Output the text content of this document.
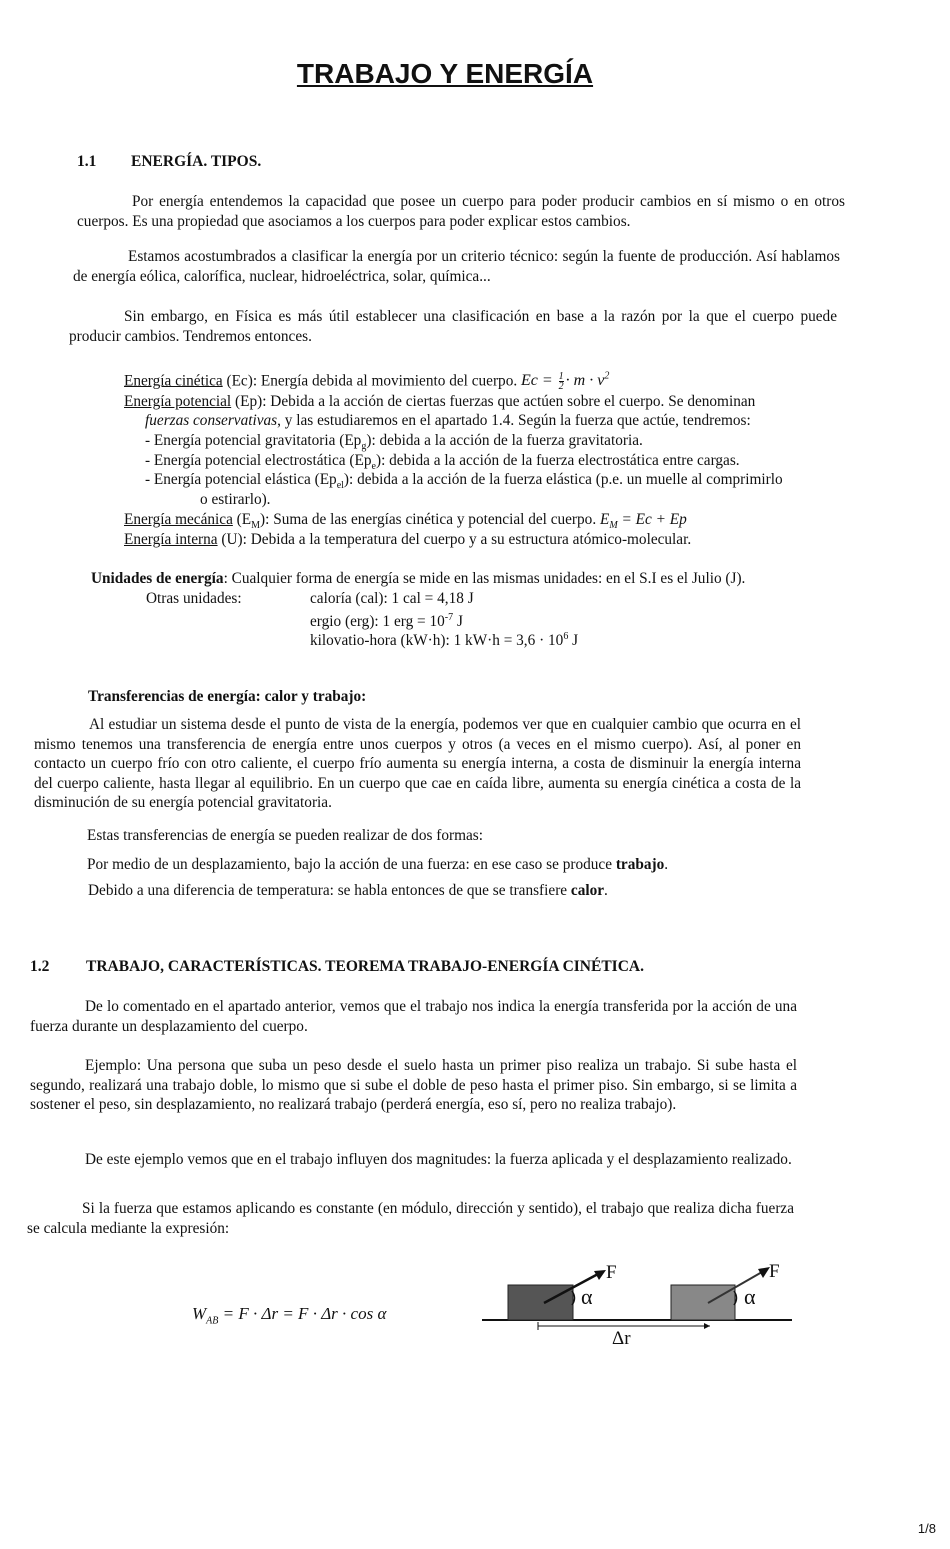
TRABAJO Y ENERGÍA
1.1 ENERGÍA. TIPOS.
Por energía entendemos la capacidad que posee un cuerpo para poder producir cambios en sí mismo o en otros cuerpos. Es una propiedad que asociamos a los cuerpos para poder explicar estos cambios.
Estamos acostumbrados a clasificar la energía por un criterio técnico: según la fuente de producción. Así hablamos de energía eólica, calorífica, nuclear, hidroeléctrica, solar, química...
Sin embargo, en Física es más útil establecer una clasificación en base a la razón por la que el cuerpo puede producir cambios. Tendremos entonces.
Energía cinética (Ec): Energía debida al movimiento del cuerpo. $Ec = \frac{1}{2} \cdot m \cdot v^2$
Energía potencial (Ep): Debida a la acción de ciertas fuerzas que actúen sobre el cuerpo. Se denominan
fuerzas conservativas, y las estudiaremos en el apartado 1.4. Según la fuerza que actúe, tendremos:
- Energía potencial gravitatoria $(Ep_g)$: debida a la acción de la fuerza gravitatoria.
- Energía potencial electrostática $(Ep_e)$: debida a la acción de la fuerza electrostática entre cargas.
- Energía potencial elástica $(Ep_{el})$: debida a la acción de la fuerza elástica (p.e. un muelle al comprimirlo
o estirarlo).
Energía mecánica $(E_M)$: Suma de las energías cinética y potencial del cuerpo. $E_M = Ec + Ep$
Energía interna (U): Debida a la temperatura del cuerpo y a su estructura atómico-molecular.
Unidades de energía: Cualquier forma de energía se mide en las mismas unidades: en el S.I es el Julio (J).
Otras unidades:	caloría (cal): 1 cal = 4,18 J
ergio (erg): 1 erg = $10^{-7}$ J
kilovatio-hora (kW·h): 1 $kW\cdot h = 3,6 \cdot 10^6$ J
Transferencias de energía: calor y trabajo:
Al estudiar un sistema desde el punto de vista de la energía, podemos ver que en cualquier cambio que ocurra en el mismo tenemos una transferencia de energía entre unos cuerpos y otros (a veces en el mismo cuerpo). Así, al poner en contacto un cuerpo frío con otro caliente, el cuerpo frío aumenta su energía interna, a costa de disminuir la energía interna del cuerpo caliente, hasta llegar al equilibrio. En un cuerpo que cae en caída libre, aumenta su energía cinética a costa de la disminución de su energía potencial gravitatoria.
Estas transferencias de energía se pueden realizar de dos formas:
Por medio de un desplazamiento, bajo la acción de una fuerza: en ese caso se produce trabajo.
Debido a una diferencia de temperatura: se habla entonces de que se transfiere calor.
1.2 TRABAJO, CARACTERÍSTICAS. TEOREMA TRABAJO-ENERGÍA CINÉTICA.
De lo comentado en el apartado anterior, vemos que el trabajo nos indica la energía transferida por la acción de una fuerza durante un desplazamiento del cuerpo.
Ejemplo: Una persona que suba un peso desde el suelo hasta un primer piso realiza un trabajo. Si sube hasta el segundo, realizará una trabajo doble, lo mismo que si sube el doble de peso hasta el primer piso. Sin embargo, si se limita a sostener el peso, sin desplazamiento, no realizará trabajo (perderá energía, eso sí, pero no realiza trabajo).
De este ejemplo vemos que en el trabajo influyen dos magnitudes: la fuerza aplicada y el desplazamiento realizado.
Si la fuerza que estamos aplicando es constante (en módulo, dirección y sentido), el trabajo que realiza dicha fuerza se calcula mediante la expresión:
$W_{AB} = F \cdot \Delta r = F \cdot \Delta r \cdot \cos \alpha$
F	F
α	α
Δr
1/8
